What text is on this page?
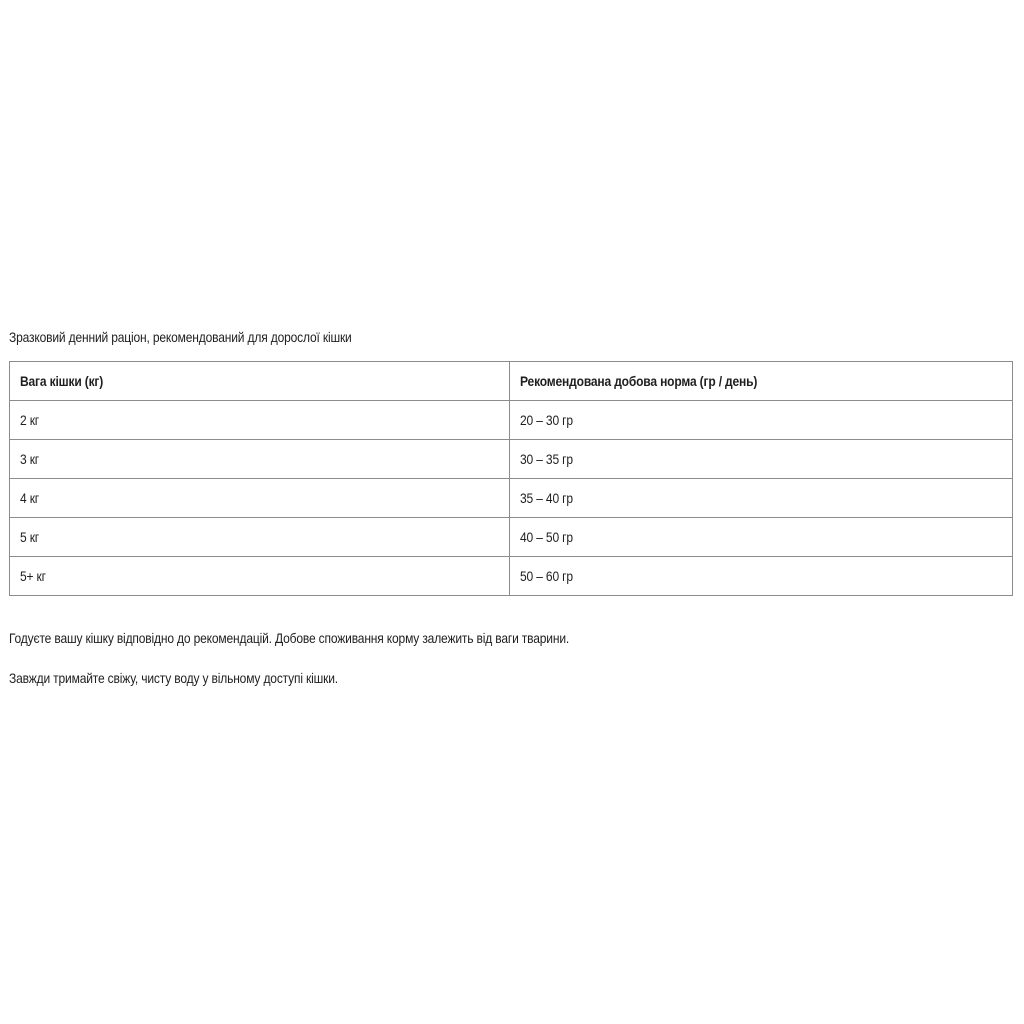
Зразковий денний раціон, рекомендований для дорослої кішки

Вага кішки (кг)	Рекомендована добова норма (гр / день)
2 кг	20 – 30 гр
3 кг	30 – 35 гр
4 кг	35 – 40 гр
5 кг	40 – 50 гр
5+ кг	50 – 60 гр

Годуєте вашу кішку відповідно до рекомендацій. Добове споживання корму залежить від ваги тварини.

Завжди тримайте свіжу, чисту воду у вільному доступі кішки.
